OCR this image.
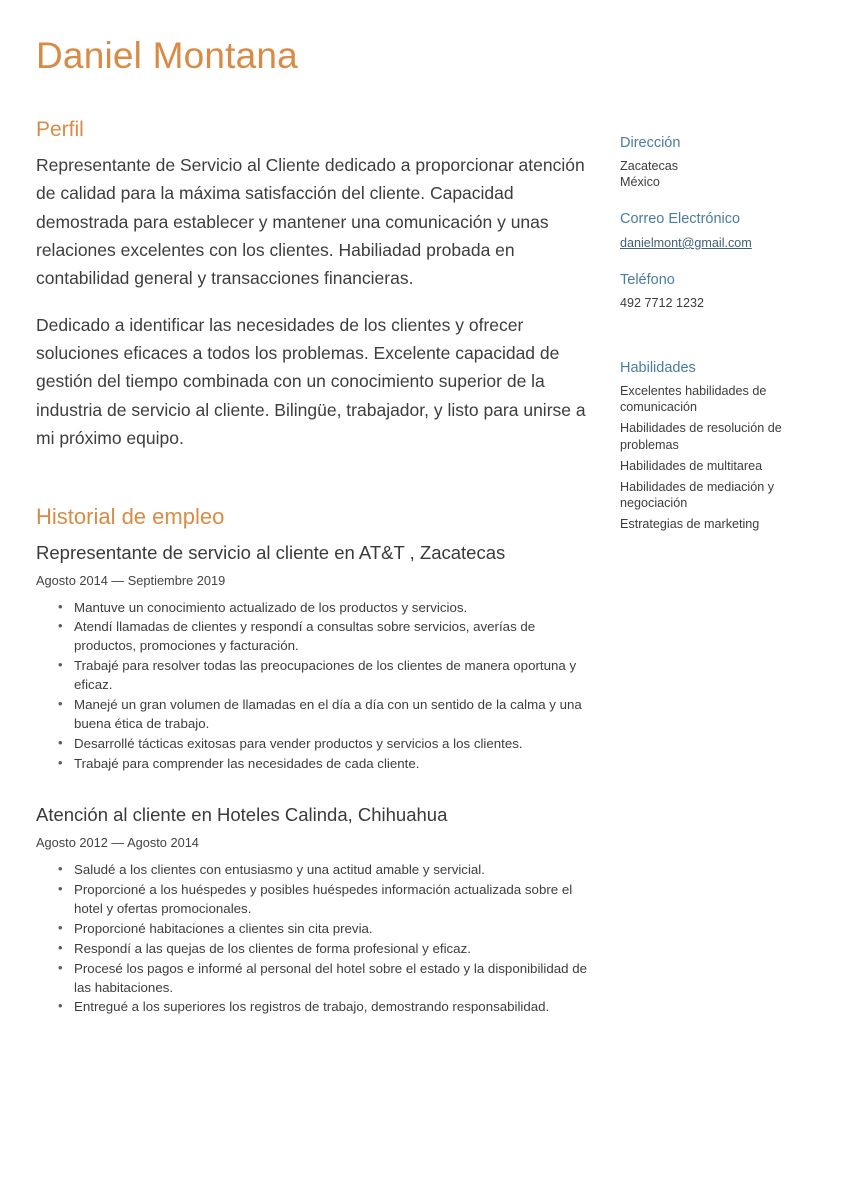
Daniel Montana
Perfil

Representante de Servicio al Cliente dedicado a proporcionar atención de calidad para la máxima satisfacción del cliente. Capacidad demostrada para establecer y mantener una comunicación y unas relaciones excelentes con los clientes. Habiliadad probada en contabilidad general y transacciones financieras.

Dedicado a identificar las necesidades de los clientes y ofrecer soluciones eficaces a todos los problemas. Excelente capacidad de gestión del tiempo combinada con un conocimiento superior de la industria de servicio al cliente. Bilingüe, trabajador, y listo para unirse a mi próximo equipo.

Historial de empleo
Representante de servicio al cliente en AT&T , Zacatecas
Agosto 2014 — Septiembre 2019
• Mantuve un conocimiento actualizado de los productos y servicios.
• Atendí llamadas de clientes y respondí a consultas sobre servicios, averías de productos, promociones y facturación.
• Trabajé para resolver todas las preocupaciones de los clientes de manera oportuna y eficaz.
• Manejé un gran volumen de llamadas en el día a día con un sentido de la calma y una buena ética de trabajo.
• Desarrollé tácticas exitosas para vender productos y servicios a los clientes.
• Trabajé para comprender las necesidades de cada cliente.
Atención al cliente en Hoteles Calinda, Chihuahua
Agosto 2012 — Agosto 2014
• Saludé a los clientes con entusiasmo y una actitud amable y servicial.
• Proporcioné a los huéspedes y posibles huéspedes información actualizada sobre el hotel y ofertas promocionales.
• Proporcioné habitaciones a clientes sin cita previa.
• Respondí a las quejas de los clientes de forma profesional y eficaz.
• Procesé los pagos e informé al personal del hotel sobre el estado y la disponibilidad de las habitaciones.
• Entregué a los superiores los registros de trabajo, demostrando responsabilidad.
Dirección
Zacatecas
México
Correo Electrónico
danielmont@gmail.com
Teléfono
492 7712 1232
Habilidades
Excelentes habilidades de comunicación
Habilidades de resolución de problemas
Habilidades de multitarea
Habilidades de mediación y negociación
Estrategias de marketing
